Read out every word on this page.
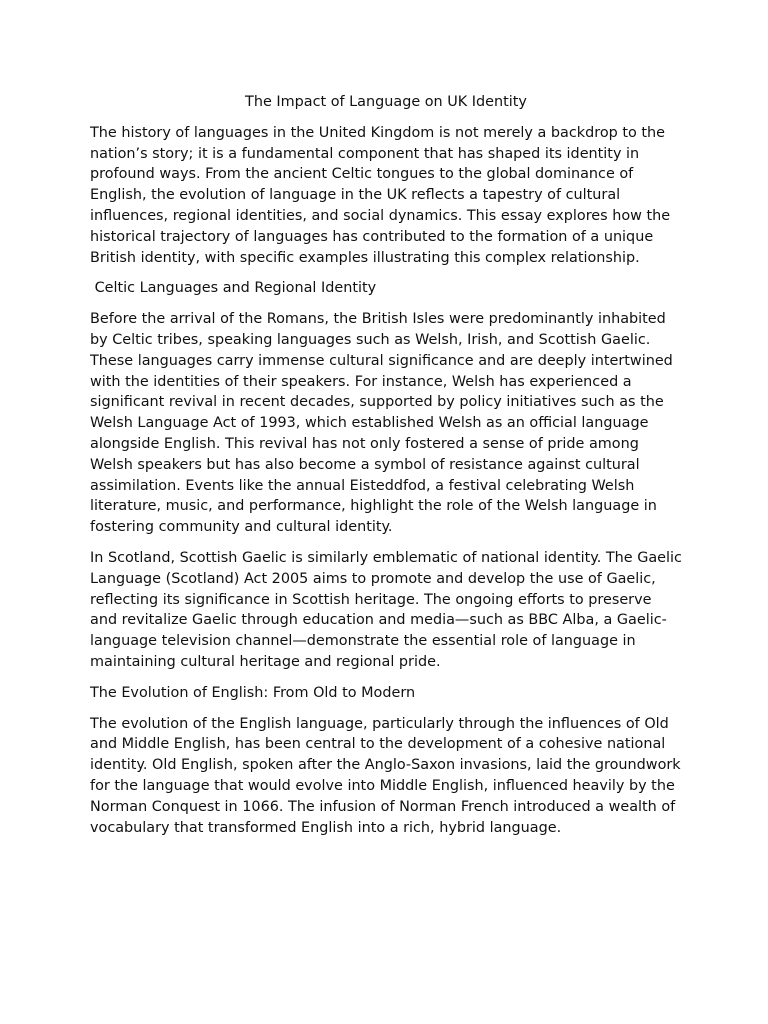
The Impact of Language on UK Identity

The history of languages in the United Kingdom is not merely a backdrop to the nation’s story; it is a fundamental component that has shaped its identity in profound ways. From the ancient Celtic tongues to the global dominance of English, the evolution of language in the UK reflects a tapestry of cultural influences, regional identities, and social dynamics. This essay explores how the historical trajectory of languages has contributed to the formation of a unique British identity, with specific examples illustrating this complex relationship.

Celtic Languages and Regional Identity

Before the arrival of the Romans, the British Isles were predominantly inhabited by Celtic tribes, speaking languages such as Welsh, Irish, and Scottish Gaelic. These languages carry immense cultural significance and are deeply intertwined with the identities of their speakers. For instance, Welsh has experienced a significant revival in recent decades, supported by policy initiatives such as the Welsh Language Act of 1993, which established Welsh as an official language alongside English. This revival has not only fostered a sense of pride among Welsh speakers but has also become a symbol of resistance against cultural assimilation. Events like the annual Eisteddfod, a festival celebrating Welsh literature, music, and performance, highlight the role of the Welsh language in fostering community and cultural identity.

In Scotland, Scottish Gaelic is similarly emblematic of national identity. The Gaelic Language (Scotland) Act 2005 aims to promote and develop the use of Gaelic, reflecting its significance in Scottish heritage. The ongoing efforts to preserve and revitalize Gaelic through education and media—such as BBC Alba, a Gaelic-language television channel—demonstrate the essential role of language in maintaining cultural heritage and regional pride.

The Evolution of English: From Old to Modern

The evolution of the English language, particularly through the influences of Old and Middle English, has been central to the development of a cohesive national identity. Old English, spoken after the Anglo-Saxon invasions, laid the groundwork for the language that would evolve into Middle English, influenced heavily by the Norman Conquest in 1066. The infusion of Norman French introduced a wealth of vocabulary that transformed English into a rich, hybrid language.
